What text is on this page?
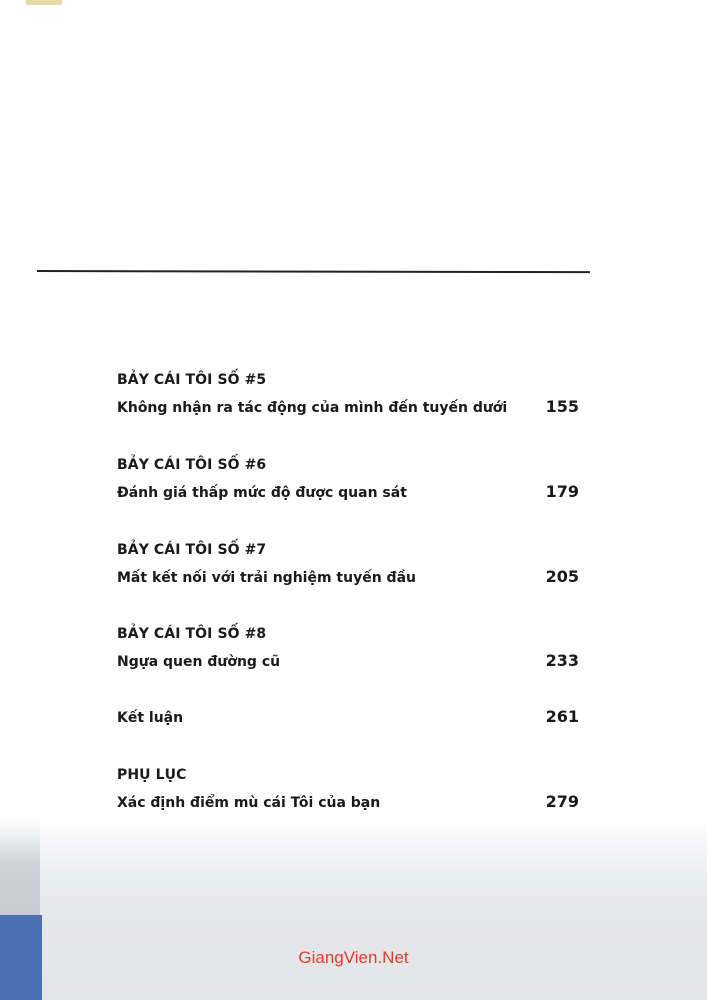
BẢY CÁI TÔI SỐ #5
Không nhận ra tác động của mình đến tuyến dưới 155
BẢY CÁI TÔI SỐ #6
Đánh giá thấp mức độ được quan sát	179
BẢY CÁI TÔI SỐ #7
Mất kết nối với trải nghiệm tuyến đầu	205
BẢY CÁI TÔI SỐ #8
Ngựa quen đường cũ	233
Kết luận	261
PHỤ LỤC
Xác định điểm mù cái Tôi của bạn	279
GiangVien.Net
